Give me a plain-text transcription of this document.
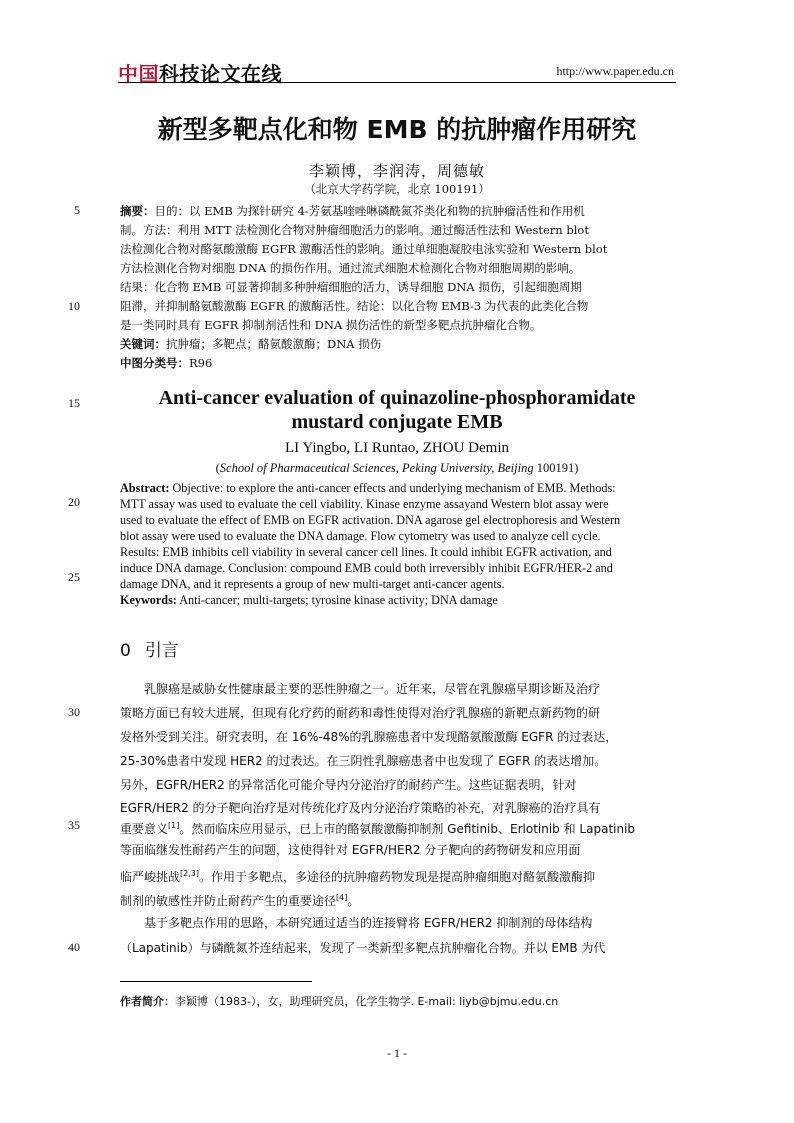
中国科技论文在线	http://www.paper.edu.cn
新型多靶点化和物 EMB 的抗肿瘤作用研究
李颖博，李润涛，周德敏
（北京大学药学院，北京 100191）
5
10
15
20
25
30
35
40
摘要：目的：以 EMB 为探针研究 4-芳氨基喹唑啉磷酰氮芥类化和物的抗肿瘤活性和作用机
制。方法：利用 MTT 法检测化合物对肿瘤细胞活力的影响。通过酶活性法和 Western blot
法检测化合物对酪氨酸激酶 EGFR 激酶活性的影响。通过单细胞凝胶电泳实验和 Western blot
方法检测化合物对细胞 DNA 的损伤作用。通过流式细胞术检测化合物对细胞周期的影响。
结果：化合物 EMB 可显著抑制多种肿瘤细胞的活力，诱导细胞 DNA 损伤，引起细胞周期
阻滞，并抑制酪氨酸激酶 EGFR 的激酶活性。结论：以化合物 EMB-3 为代表的此类化合物
是一类同时具有 EGFR 抑制剂活性和 DNA 损伤活性的新型多靶点抗肿瘤化合物。
关键词：抗肿瘤；多靶点；酪氨酸激酶；DNA 损伤
中图分类号：R96
Anti-cancer evaluation of quinazoline-phosphoramidate
mustard conjugate EMB
LI Yingbo, LI Runtao, ZHOU Demin
(School of Pharmaceutical Sciences, Peking University, Beijing 100191)
Abstract: Objective: to explore the anti-cancer effects and underlying mechanism of EMB. Methods:
MTT assay was used to evaluate the cell viability. Kinase enzyme assayand Western blot assay were
used to evaluate the effect of EMB on EGFR activation. DNA agarose gel electrophoresis and Western
blot assay were used to evaluate the DNA damage. Flow cytometry was used to analyze cell cycle.
Results: EMB inhibits cell viability in several cancer cell lines. It could inhibit EGFR activation, and
induce DNA damage. Conclusion: compound EMB could both irreversibly inhibit EGFR/HER-2 and
damage DNA, and it represents a group of new multi-target anti-cancer agents.
Keywords: Anti-cancer; multi-targets; tyrosine kinase activity; DNA damage
0 引言
　　乳腺癌是威胁女性健康最主要的恶性肿瘤之一。近年来，尽管在乳腺癌早期诊断及治疗
策略方面已有较大进展，但现有化疗药的耐药和毒性使得对治疗乳腺癌的新靶点新药物的研
发格外受到关注。研究表明，在 16%-48%的乳腺癌患者中发现酪氨酸激酶 EGFR 的过表达，
25-30%患者中发现 HER2 的过表达。在三阴性乳腺癌患者中也发现了 EGFR 的表达增加。
另外，EGFR/HER2 的异常活化可能介导内分泌治疗的耐药产生。这些证据表明，针对
EGFR/HER2 的分子靶向治疗是对传统化疗及内分泌治疗策略的补充，对乳腺癌的治疗具有
重要意义[1]。然而临床应用显示，已上市的酪氨酸激酶抑制剂 Gefitinib、Erlotinib 和 Lapatinib
等面临继发性耐药产生的问题，这使得针对 EGFR/HER2 分子靶向的药物研发和应用面
临严峻挑战[2,3]。作用于多靶点，多途径的抗肿瘤药物发现是提高肿瘤细胞对酪氨酸激酶抑
制剂的敏感性并防止耐药产生的重要途径[4]。
　　基于多靶点作用的思路，本研究通过适当的连接臂将 EGFR/HER2 抑制剂的母体结构
（Lapatinib）与磷酰氮芥连结起来，发现了一类新型多靶点抗肿瘤化合物。并以 EMB 为代
作者简介：李颖博（1983-），女，助理研究员，化学生物学. E-mail: liyb@bjmu.edu.cn
- 1 -
